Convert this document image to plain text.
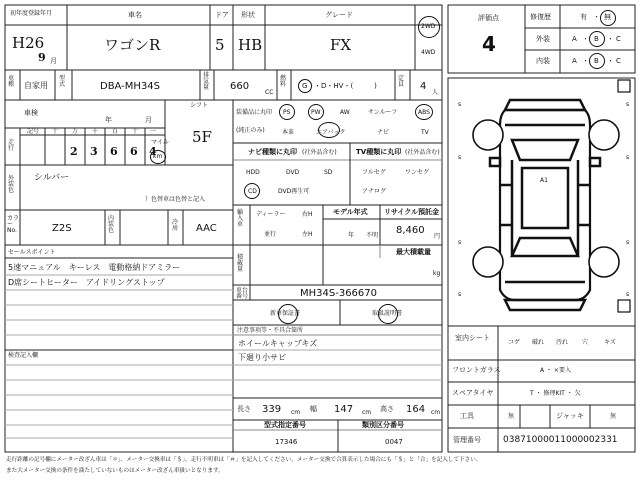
初年度登録年月
H26
9 月
車名
ワゴンR
ドア
5
形状
HB
グレード
FX
2WD
4WD
車種 自家用
型式	DBA-MH34S
排気量 660
CC
燃料 G ・D・HV・(　　　)
定員 4
人
車検
年	月
シフト
5F
走行
記号 十 万 千 百 十 一
2 3 6 6 4
マイル
km
外装色
シルバー
）色替車は色替と記入
カラーNo.	Z2S
内装色
冷房 AAC
セールスポイント
5速マニュアル　キーレス　電動格納ドアミラー
D席シートヒーター　アイドリングストップ
検査記入欄
装備品に丸印
(純正のみ)
PS	PW	AW	サンルーフ	ABS
本革	エアバック	ナビ	TV
ナビ種類に丸印 (社外品含む)	TV種類に丸印 (社外品含む)
HDD	DVD	SD	フルセグ	ワンセグ
CD	DVD再生可	アナログ
輸入車
ディーラー
並行
右H
左H
モデル年式
年 不明
リサイクル預託金
8,460
円
最大積載量
積載量
kg
車台番号	MH34S-366670
新車保証書	取扱説明書
注意事項等・不具合箇所
ホイールキャップキズ
下廻り小サビ
長さ 339 cm 幅 147 cm 高さ 164 cm
型式指定番号
17346
類別区分番号
0047
評価点
4
修復歴	有 ・ 無
外装	A ・ B ・ C
内装	A ・ B ・ C
s	s
s	s
A1
s	s
s	s
室内シート
コゲ 破れ 汚れ 穴	キズ
フロントガラス	A ・ ×要入
スペアタイヤ	T ・ 修理KIT ・ 欠
工具	無	ジャッキ	無
管理番号 03871000011000002331
走行距離の記号欄にメーター改ざん車は「＊」、メーター交換車は「＄」、走行不明車は「＃」を記入してください。メーター交換で合算表示した場合にも「＄」と「合」を記入して下さい。
また大メーター交換の条件を満たしていないものはメーター改ざん車扱いとなります。
